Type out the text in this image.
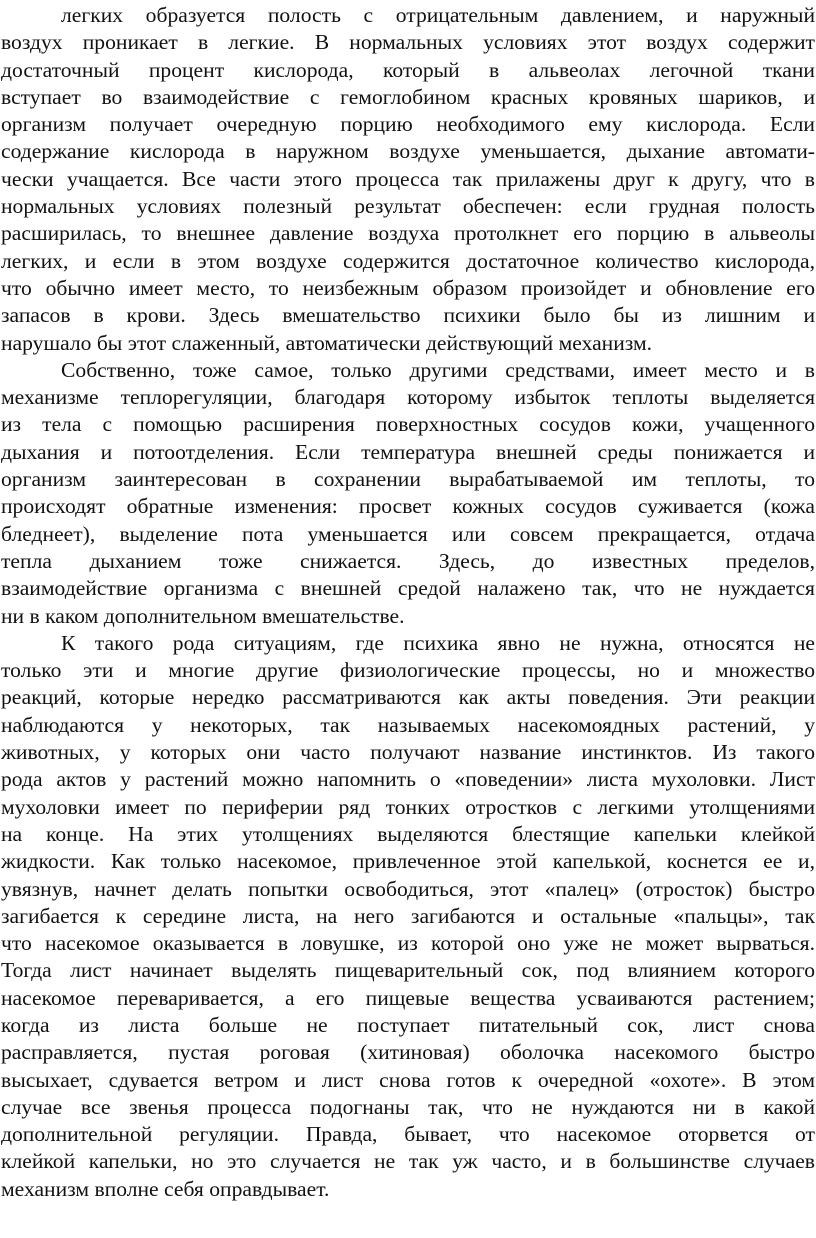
легких образуется полость с отрицательным давлением, и наружный
воздух проникает в легкие. В нормальных условиях этот воздух содержит
достаточный процент кислорода, который в альвеолах легочной ткани
вступает во взаимодействие с гемоглобином красных кровяных шариков, и
организм получает очередную порцию необходимого ему кислорода. Если
содержание кислорода в наружном воздухе уменьшается, дыхание автомати-
чески учащается. Все части этого процесса так прилажены друг к другу, что в
нормальных условиях полезный результат обеспечен: если грудная полость
расширилась, то внешнее давление воздуха протолкнет его порцию в альвеолы
легких, и если в этом воздухе содержится достаточное количество кислорода,
что обычно имеет место, то неизбежным образом произойдет и обновление его
запасов в крови. Здесь вмешательство психики было бы из лишним и
нарушало бы этот слаженный, автоматически действующий механизм.
Собственно, тоже самое, только другими средствами, имеет место и в
механизме теплорегуляции, благодаря которому избыток теплоты выделяется
из тела с помощью расширения поверхностных сосудов кожи, учащенного
дыхания и потоотделения. Если температура внешней среды понижается и
организм заинтересован в сохранении вырабатываемой им теплоты, то
происходят обратные изменения: просвет кожных сосудов суживается (кожа
бледнеет), выделение пота уменьшается или совсем прекращается, отдача
тепла дыханием тоже снижается. Здесь, до известных пределов,
взаимодействие организма с внешней средой налажено так, что не нуждается
ни в каком дополнительном вмешательстве.
К такого рода ситуациям, где психика явно не нужна, относятся не
только эти и многие другие физиологические процессы, но и множество
реакций, которые нередко рассматриваются как акты поведения. Эти реакции
наблюдаются у некоторых, так называемых насекомоядных растений, у
животных, у которых они часто получают название инстинктов. Из такого
рода актов у растений можно напомнить о «поведении» листа мухоловки. Лист
мухоловки имеет по периферии ряд тонких отростков с легкими утолщениями
на конце. На этих утолщениях выделяются блестящие капельки клейкой
жидкости. Как только насекомое, привлеченное этой капелькой, коснется ее и,
увязнув, начнет делать попытки освободиться, этот «палец» (отросток) быстро
загибается к середине листа, на него загибаются и остальные «пальцы», так
что насекомое оказывается в ловушке, из которой оно уже не может вырваться.
Тогда лист начинает выделять пищеварительный сок, под влиянием которого
насекомое переваривается, а его пищевые вещества усваиваются растением;
когда из листа больше не поступает питательный сок, лист снова
расправляется, пустая роговая (хитиновая) оболочка насекомого быстро
высыхает, сдувается ветром и лист снова готов к очередной «охоте». В этом
случае все звенья процесса подогнаны так, что не нуждаются ни в какой
дополнительной регуляции. Правда, бывает, что насекомое оторвется от
клейкой капельки, но это случается не так уж часто, и в большинстве случаев
механизм вполне себя оправдывает.
